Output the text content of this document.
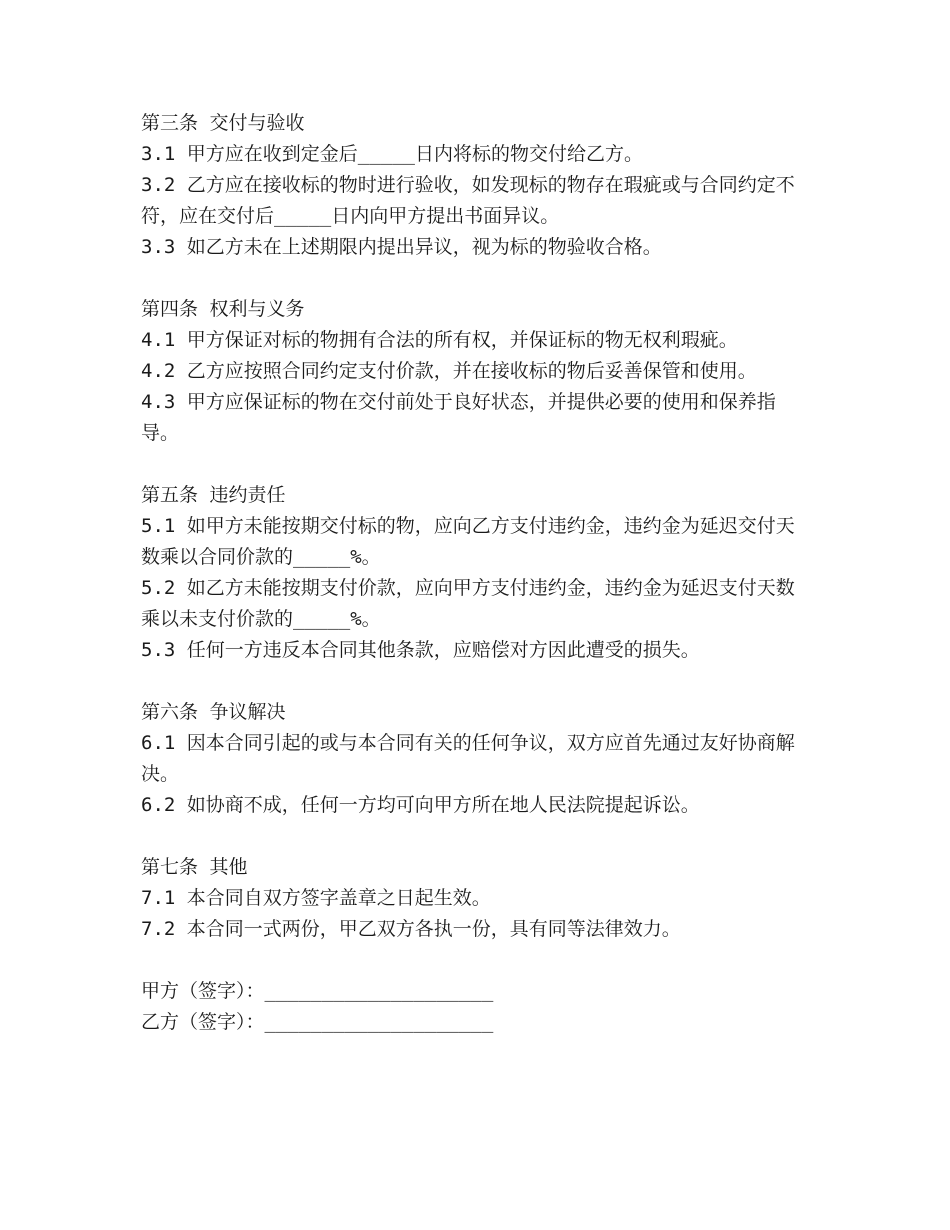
第三条 交付与验收

3.1 甲方应在收到定金后_____日内将标的物交付给乙方。

3.2 乙方应在接收标的物时进行验收，如发现标的物存在瑕疵或与合同约定不符，应在交付后_____日内向甲方提出书面异议。

3.3 如乙方未在上述期限内提出异议，视为标的物验收合格。

第四条 权利与义务

4.1 甲方保证对标的物拥有合法的所有权，并保证标的物无权利瑕疵。

4.2 乙方应按照合同约定支付价款，并在接收标的物后妥善保管和使用。

4.3 甲方应保证标的物在交付前处于良好状态，并提供必要的使用和保养指导。

第五条 违约责任

5.1 如甲方未能按期交付标的物，应向乙方支付违约金，违约金为延迟交付天数乘以合同价款的_____%。

5.2 如乙方未能按期支付价款，应向甲方支付违约金，违约金为延迟支付天数乘以未支付价款的_____%。

5.3 任何一方违反本合同其他条款，应赔偿对方因此遭受的损失。

第六条 争议解决

6.1 因本合同引起的或与本合同有关的任何争议，双方应首先通过友好协商解决。

6.2 如协商不成，任何一方均可向甲方所在地人民法院提起诉讼。

第七条 其他

7.1 本合同自双方签字盖章之日起生效。

7.2 本合同一式两份，甲乙双方各执一份，具有同等法律效力。

甲方（签字）：____________________

乙方（签字）：____________________
